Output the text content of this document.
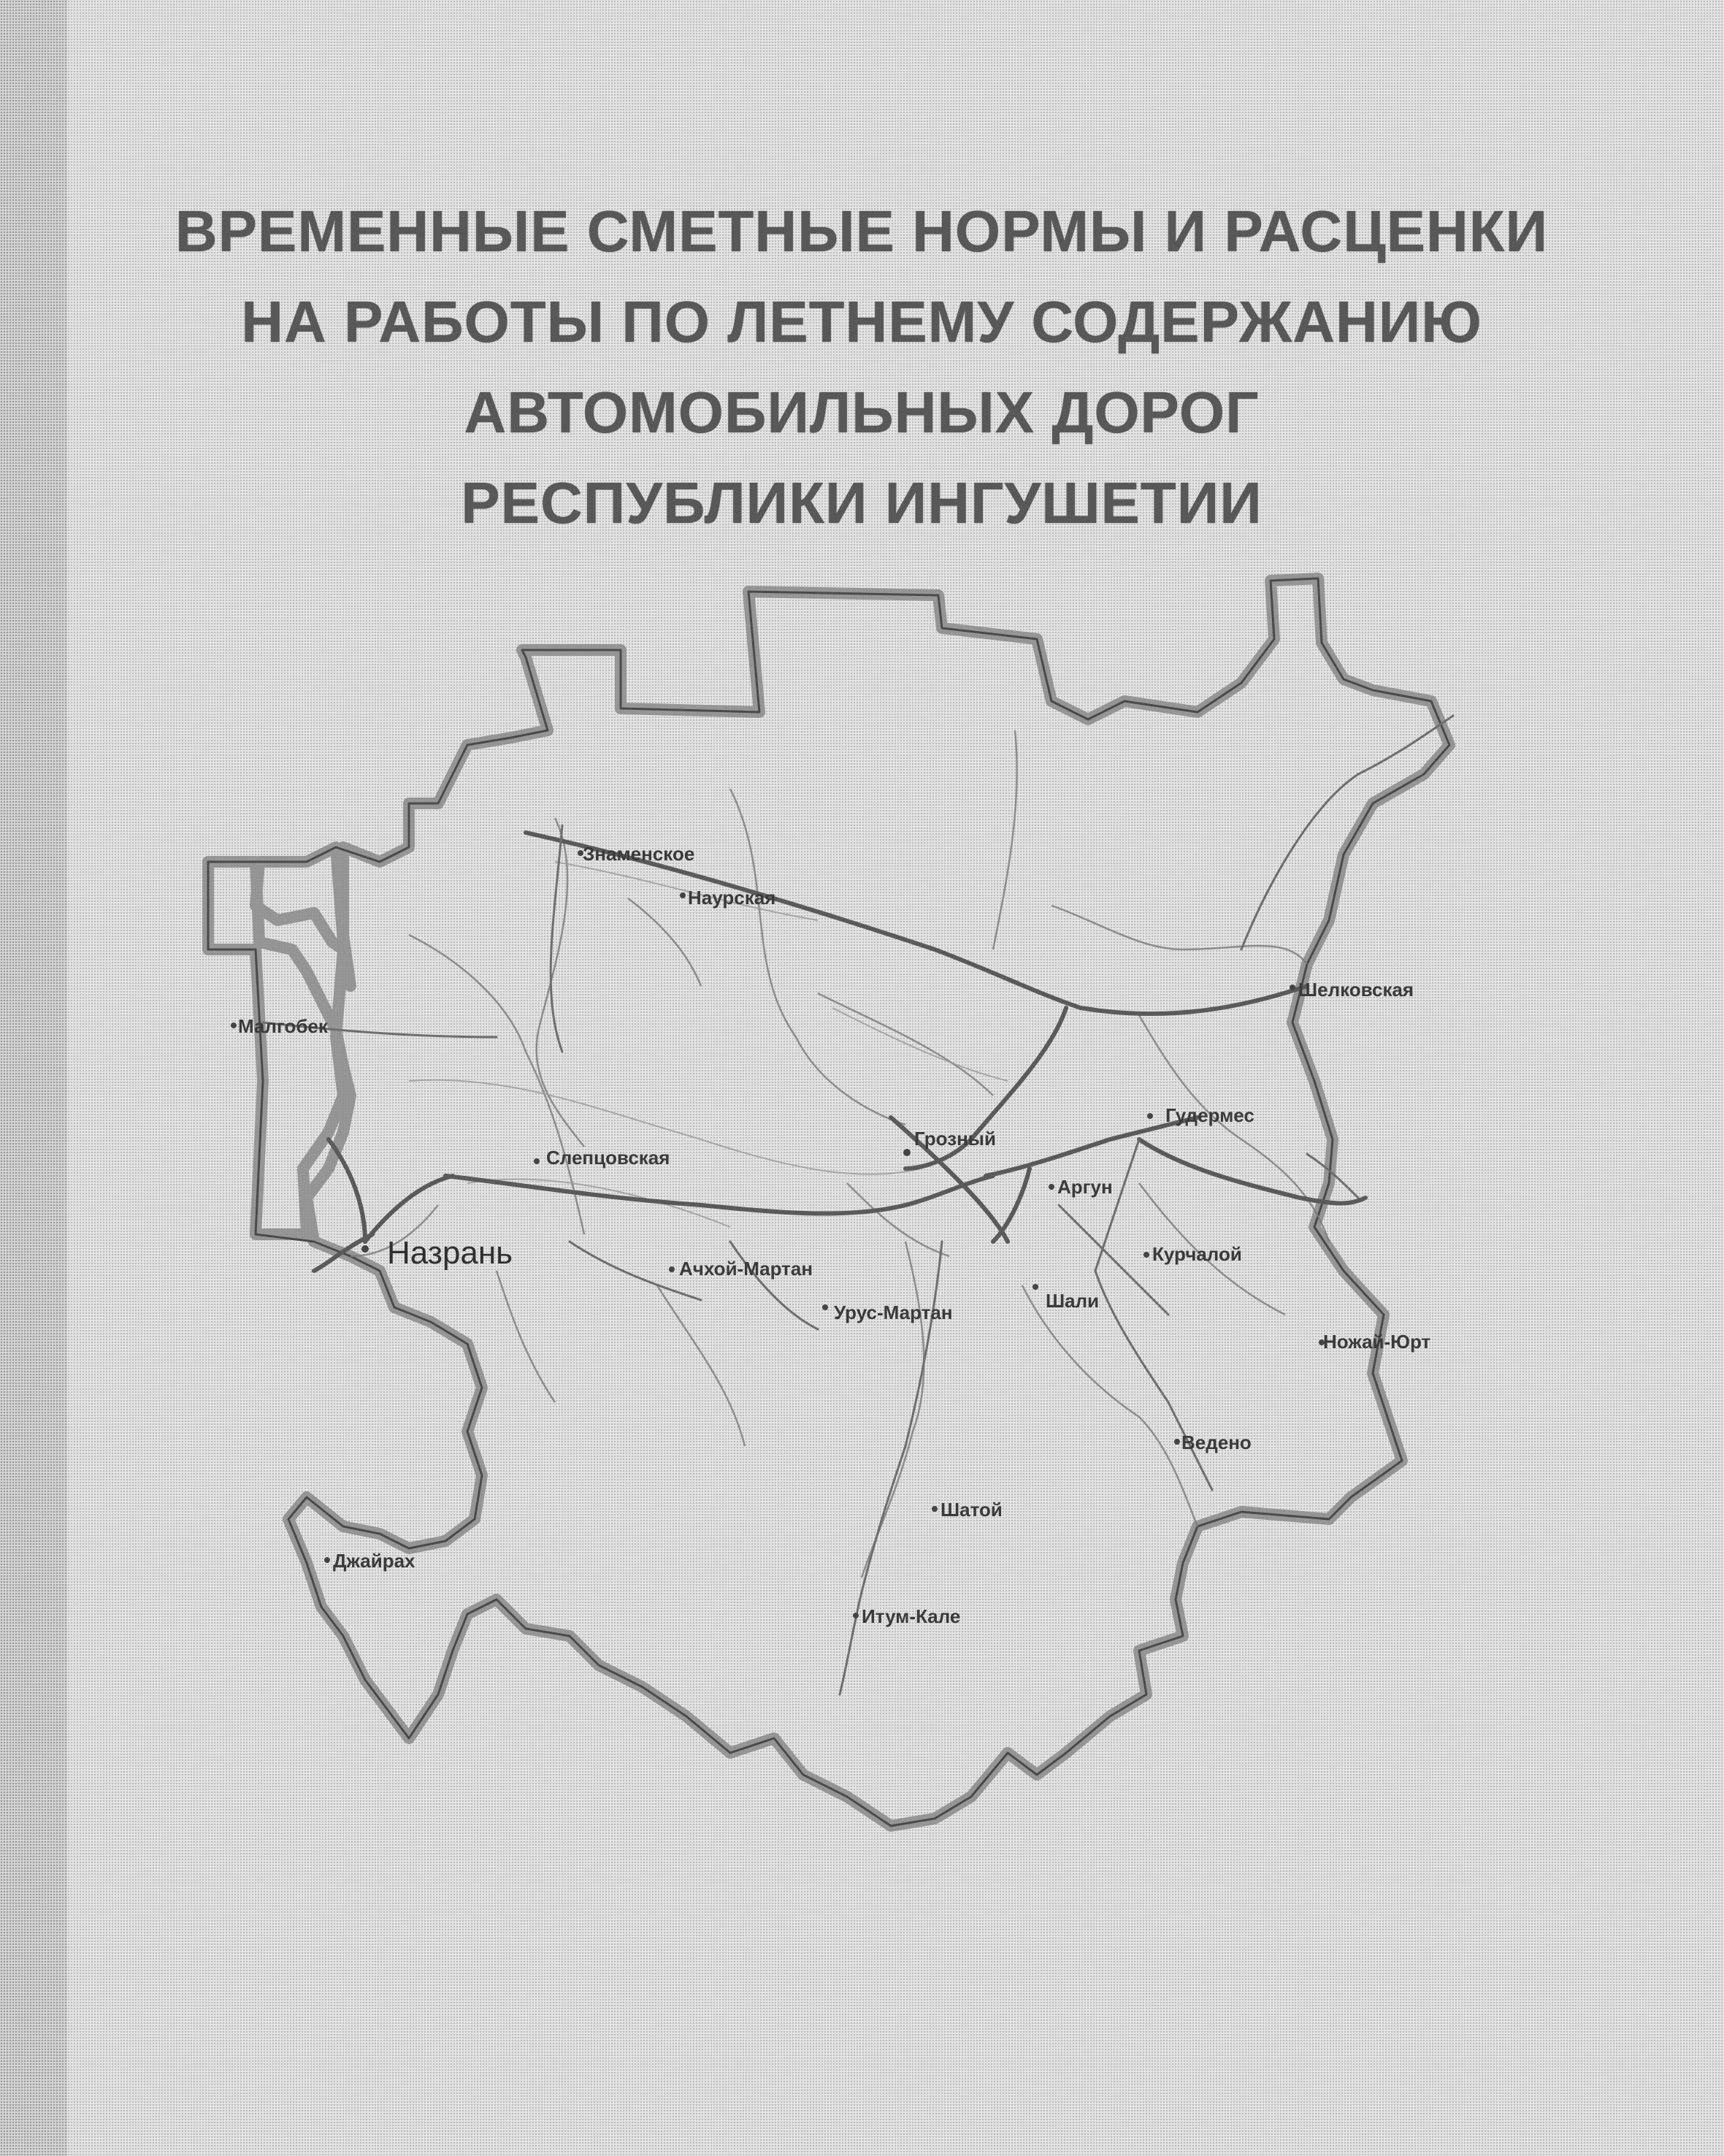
ВРЕМЕННЫЕ СМЕТНЫЕ НОРМЫ И РАСЦЕНКИ
НА РАБОТЫ ПО ЛЕТНЕМУ СОДЕРЖАНИЮ
АВТОМОБИЛЬНЫХ ДОРОГ
РЕСПУБЛИКИ ИНГУШЕТИИ
Знаменское
Наурская
Шелковская
Малгобек
Гудермес
Грозный
Слепцовская
Аргун
Назрань	Курчалой
Ачхой-Мартан
Шали
Урус-Мартан
Ножай-Юрт
Ведено
Шатой
Джайрах
Итум-Кале
